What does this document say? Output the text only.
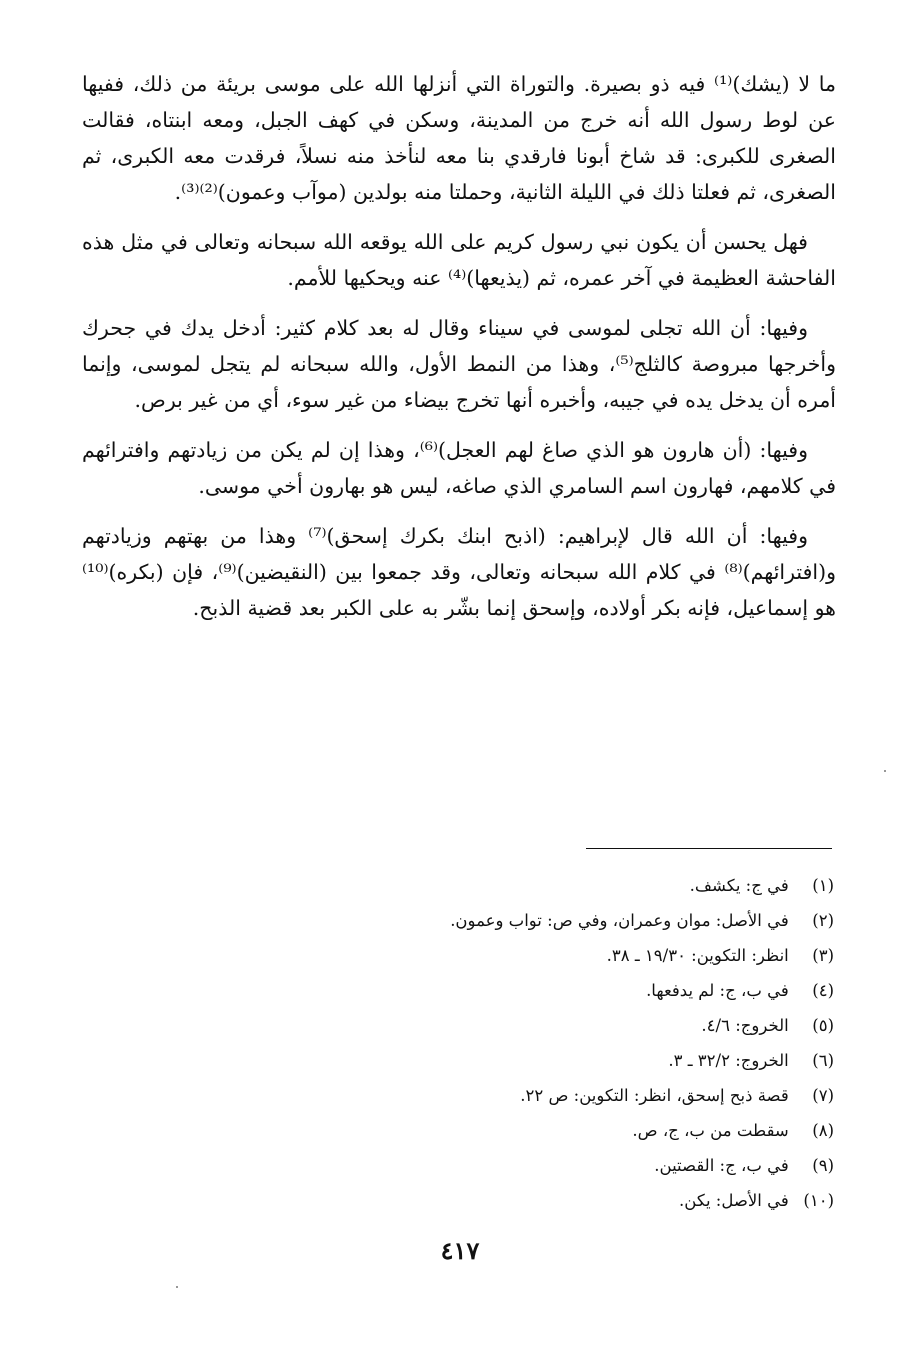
ما لا (يشك)⁽¹⁾ فيه ذو بصيرة. والتوراة التي أنزلها الله على موسى بريئة من ذلك، ففيها عن لوط رسول الله أنه خرج من المدينة، وسكن في كهف الجبل، ومعه ابنتاه، فقالت الصغرى للكبرى: قد شاخ أبونا فارقدي بنا معه لنأخذ منه نسلاً، فرقدت معه الكبرى، ثم الصغرى، ثم فعلتا ذلك في الليلة الثانية، وحملتا منه بولدين (موآب وعمون)⁽²⁾⁽³⁾.

فهل يحسن أن يكون نبي رسول كريم على الله يوقعه الله سبحانه وتعالى في مثل هذه الفاحشة العظيمة في آخر عمره، ثم (يذيعها)⁽⁴⁾ عنه ويحكيها للأمم.

وفيها: أن الله تجلى لموسى في سيناء وقال له بعد كلام كثير: أدخل يدك في جحرك وأخرجها مبروصة كالثلج⁽⁵⁾، وهذا من النمط الأول، والله سبحانه لم يتجل لموسى، وإنما أمره أن يدخل يده في جيبه، وأخبره أنها تخرج بيضاء من غير سوء، أي من غير برص.

وفيها: (أن هارون هو الذي صاغ لهم العجل)⁽⁶⁾، وهذا إن لم يكن من زيادتهم وافترائهم في كلامهم، فهارون اسم السامري الذي صاغه، ليس هو بهارون أخي موسى.

وفيها: أن الله قال لإبراهيم: (اذبح ابنك بكرك إسحق)⁽⁷⁾ وهذا من بهتهم وزيادتهم و(افترائهم)⁽⁸⁾ في كلام الله سبحانه وتعالى، وقد جمعوا بين (النقيضين)⁽⁹⁾، فإن (بكره)⁽¹⁰⁾ هو إسماعيل، فإنه بكر أولاده، وإسحق إنما بشّر به على الكبر بعد قضية الذبح.

(١) في ج: يكشف.
(٢) في الأصل: موان وعمران، وفي ص: تواب وعمون.
(٣) انظر: التكوين: ١٩/٣٠ ـ ٣٨.
(٤) في ب، ج: لم يدفعها.
(٥) الخروج: ٤/٦.
(٦) الخروج: ٣٢/٢ ـ ٣.
(٧) قصة ذبح إسحق، انظر: التكوين: ص ٢٢.
(٨) سقطت من ب، ج، ص.
(٩) في ب، ج: القصتين.
(١٠) في الأصل: يكن.
٤١٧
